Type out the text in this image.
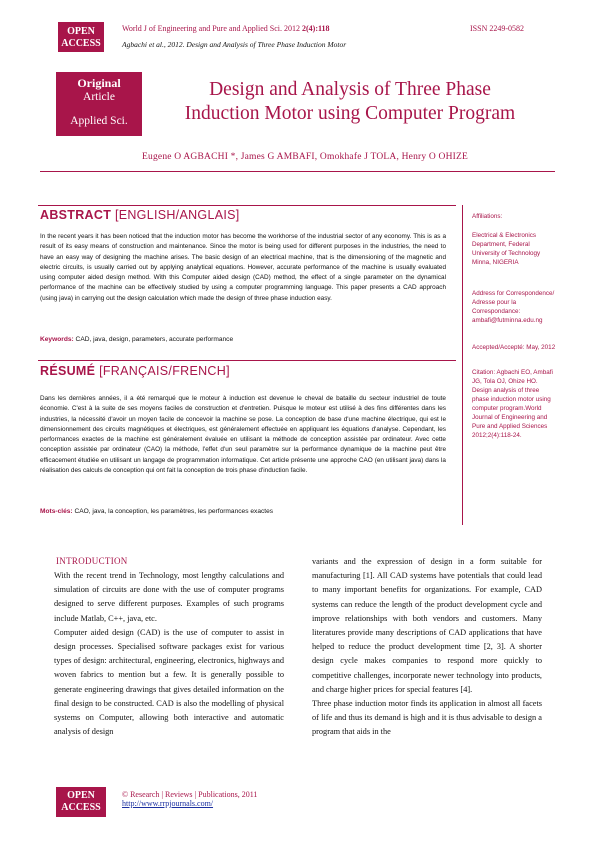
OPEN
ACCESS
World J of Engineering and Pure and Applied Sci. 2012 2(4):118	ISSN 2249-0582
Agbachi et al., 2012. Design and Analysis of Three Phase Induction Motor
Original
Article
Applied Sci.
Design and Analysis of Three Phase
Induction Motor using Computer Program
Eugene O AGBACHI *, James G AMBAFI, Omokhafe J TOLA, Henry O OHIZE
ABSTRACT [ENGLISH/ANGLAIS]
In the recent years it has been noticed that the induction motor has become the workhorse of the industrial sector of any economy. This is as a result of its easy means of construction and maintenance. Since the motor is being used for different purposes in the industries, the need to have an easy way of designing the machine arises. The basic design of an electrical machine, that is the dimensioning of the magnetic and electric circuits, is usually carried out by applying analytical equations. However, accurate performance of the machine is usually evaluated using computer aided design method. With this Computer aided design (CAD) method, the effect of a single parameter on the dynamical performance of the machine can be effectively studied by using a computer programming language. This paper presents a CAD approach (using java) in carrying out the design calculation which made the design of three phase induction easy.
Keywords: CAD, java, design, parameters, accurate performance
RÉSUMÉ [FRANÇAIS/FRENCH]
Dans les dernières années, il a été remarqué que le moteur à induction est devenue le cheval de bataille du secteur industriel de toute économie. C'est à la suite de ses moyens faciles de construction et d'entretien. Puisque le moteur est utilisé à des fins différentes dans les industries, la nécessité d'avoir un moyen facile de concevoir la machine se pose. La conception de base d'une machine électrique, qui est le dimensionnement des circuits magnétiques et électriques, est généralement effectuée en appliquant les équations d'analyse. Cependant, les performances exactes de la machine est généralement évaluée en utilisant la méthode de conception assistée par ordinateur. Avec cette conception assistée par ordinateur (CAO) la méthode, l'effet d'un seul paramètre sur la performance dynamique de la machine peut être efficacement étudiée en utilisant un langage de programmation informatique. Cet article présente une approche CAO (en utilisant java) dans la réalisation des calculs de conception qui ont fait la conception de trois phase d'induction facile.
Mots-clés: CAO, java, la conception, les paramètres, les performances exactes
Affiliations:
Electrical & Electronics Department, Federal University of Technology Minna, NIGERIA
Address for Correspondence/ Adresse pour la Correspondance:
ambafi@futminna.edu.ng
Accepted/Accepté: May, 2012
Citation: Agbachi EO, Ambafi JG, Tola OJ, Ohize HO. Design analysis of three phase induction motor using computer program.World Journal of Engineering and Pure and Applied Sciences 2012;2(4):118-24.
INTRODUCTION

With the recent trend in Technology, most lengthy calculations and simulation of circuits are done with the use of computer programs designed to serve different purposes. Examples of such programs include Matlab, C++, java, etc.

Computer aided design (CAD) is the use of computer to assist in design processes. Specialised software packages exist for various types of design: architectural, engineering, electronics, highways and woven fabrics to mention but a few. It is generally possible to generate engineering drawings that gives detailed information on the final design to be constructed. CAD is also the modelling of physical systems on Computer, allowing both interactive and automatic analysis of design

variants and the expression of design in a form suitable for manufacturing [1]. All CAD systems have potentials that could lead to many important benefits for organizations. For example, CAD systems can reduce the length of the product development cycle and improve relationships with both vendors and customers. Many literatures provide many descriptions of CAD applications that have helped to reduce the product development time [2, 3]. A shorter design cycle makes companies to respond more quickly to competitive challenges, incorporate newer technology into products, and charge higher prices for special features [4].

Three phase induction motor finds its application in almost all facets of life and thus its demand is high and it is thus advisable to design a program that aids in the

OPEN
ACCESS
© Research | Reviews | Publications, 2011
http://www.rrpjournals.com/
